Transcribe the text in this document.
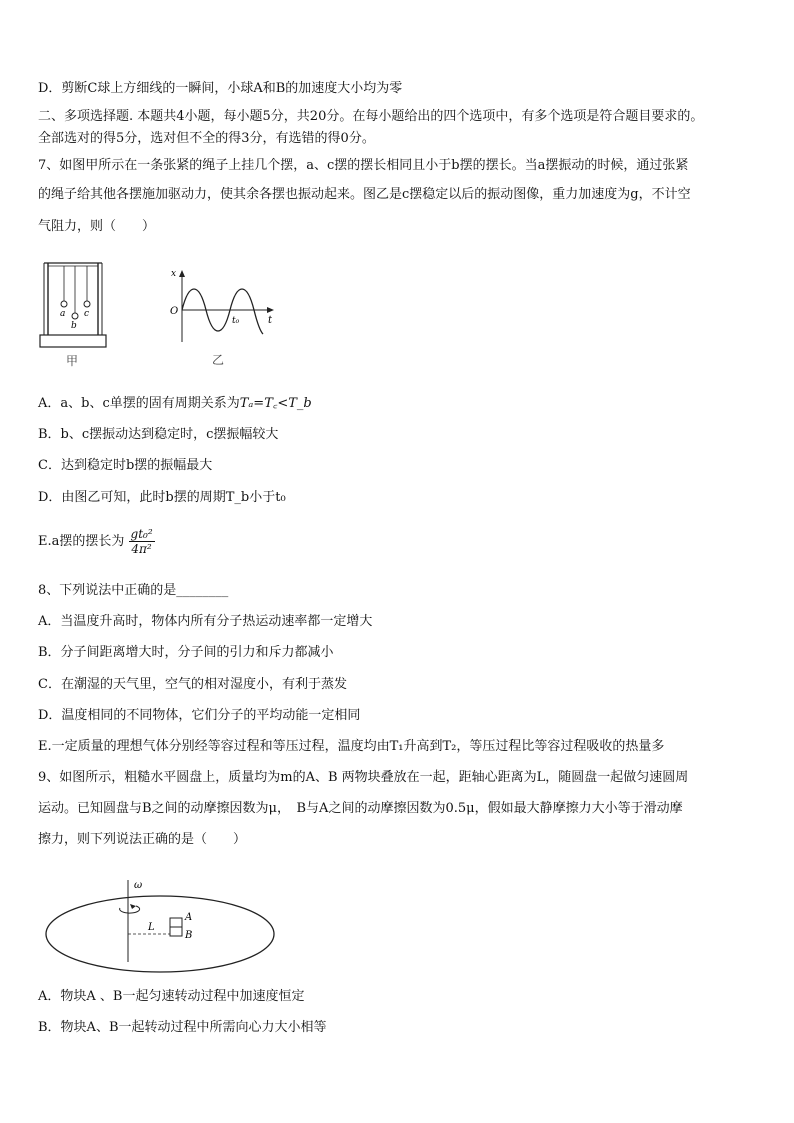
D．剪断C球上方细线的一瞬间，小球A和B的加速度大小均为零
二、多项选择题. 本题共4小题，每小题5分，共20分。在每小题给出的四个选项中，有多个选项是符合题目要求的。
全部选对的得5分，选对但不全的得3分，有选错的得0分。
7、如图甲所示在一条张紧的绳子上挂几个摆，a、c摆的摆长相同且小于b摆的摆长。当a摆振动的时候，通过张紧
的绳子给其他各摆施加驱动力，使其余各摆也振动起来。图乙是c摆稳定以后的振动图像，重力加速度为g，不计空
气阻力，则（　　）
a
b
c
甲
x
O
t
t₀
乙
A．a、b、c单摆的固有周期关系为Tₐ=T꜀<T_b
B．b、c摆振动达到稳定时，c摆振幅较大
C．达到稳定时b摆的振幅最大
D．由图乙可知，此时b摆的周期T_b小于t₀
E.a摆的摆长为 $\frac{\text{gt₀²}}{\text{4π²}}$
8、下列说法中正确的是________
A．当温度升高时，物体内所有分子热运动速率都一定增大
B．分子间距离增大时，分子间的引力和斥力都减小
C．在潮湿的天气里，空气的相对湿度小，有利于蒸发
D．温度相同的不同物体，它们分子的平均动能一定相同
E.一定质量的理想气体分别经等容过程和等压过程，温度均由T₁升高到T₂，等压过程比等容过程吸收的热量多
9、如图所示，粗糙水平圆盘上，质量均为m的A、B 两物块叠放在一起，距轴心距离为L，随圆盘一起做匀速圆周
运动。已知圆盘与B之间的动摩擦因数为μ，　B与A之间的动摩擦因数为0.5μ，假如最大静摩擦力大小等于滑动摩
擦力，则下列说法正确的是（　　）
ω
L
A
B
A．物块A 、B一起匀速转动过程中加速度恒定
B．物块A、B一起转动过程中所需向心力大小相等
